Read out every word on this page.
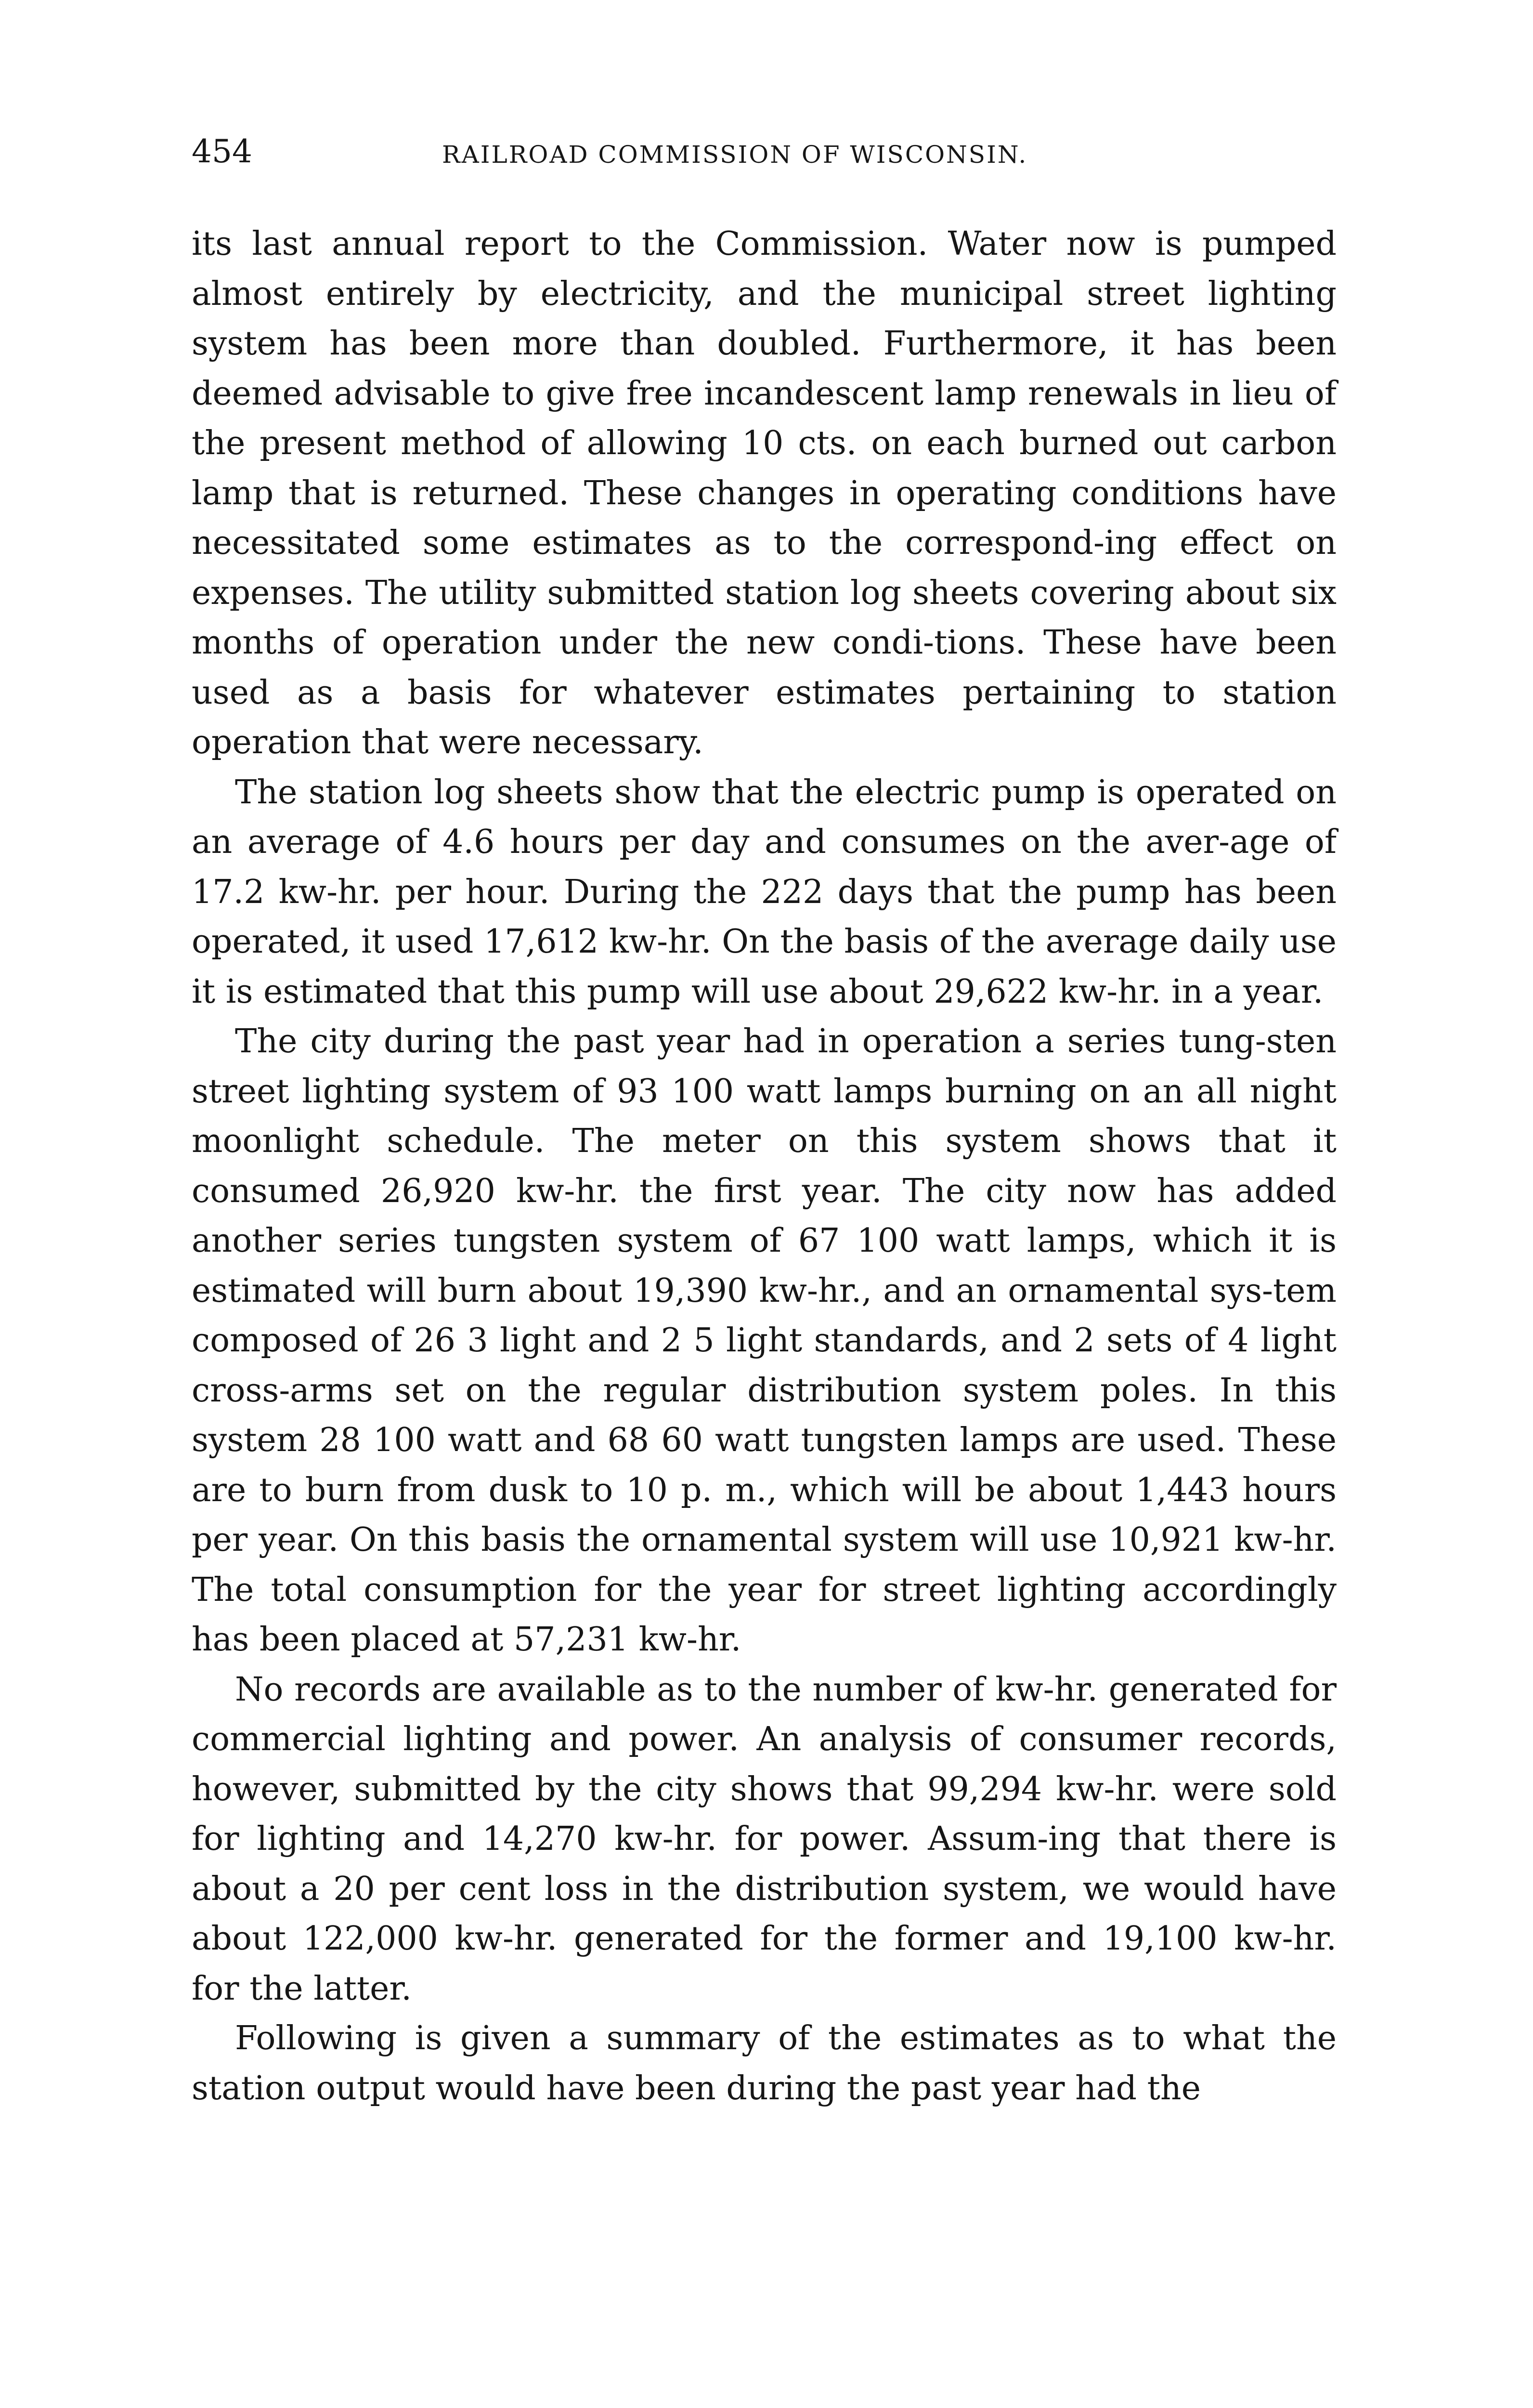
454	RAILROAD COMMISSION OF WISCONSIN.

its last annual report to the Commission. Water now is pumped almost entirely by electricity, and the municipal street lighting system has been more than doubled. Furthermore, it has been deemed advisable to give free incandescent lamp renewals in lieu of the present method of allowing 10 cts. on each burned out carbon lamp that is returned. These changes in operating conditions have necessitated some estimates as to the correspond-ing effect on expenses. The utility submitted station log sheets covering about six months of operation under the new condi-tions. These have been used as a basis for whatever estimates pertaining to station operation that were necessary.

The station log sheets show that the electric pump is operated on an average of 4.6 hours per day and consumes on the aver-age of 17.2 kw-hr. per hour. During the 222 days that the pump has been operated, it used 17,612 kw-hr. On the basis of the average daily use it is estimated that this pump will use about 29,622 kw-hr. in a year.

The city during the past year had in operation a series tung-sten street lighting system of 93 100 watt lamps burning on an all night moonlight schedule. The meter on this system shows that it consumed 26,920 kw-hr. the first year. The city now has added another series tungsten system of 67 100 watt lamps, which it is estimated will burn about 19,390 kw-hr., and an ornamental sys-tem composed of 26 3 light and 2 5 light standards, and 2 sets of 4 light cross-arms set on the regular distribution system poles. In this system 28 100 watt and 68 60 watt tungsten lamps are used. These are to burn from dusk to 10 p. m., which will be about 1,443 hours per year. On this basis the ornamental system will use 10,921 kw-hr. The total consumption for the year for street lighting accordingly has been placed at 57,231 kw-hr.

No records are available as to the number of kw-hr. generated for commercial lighting and power. An analysis of consumer records, however, submitted by the city shows that 99,294 kw-hr. were sold for lighting and 14,270 kw-hr. for power. Assum-ing that there is about a 20 per cent loss in the distribution system, we would have about 122,000 kw-hr. generated for the former and 19,100 kw-hr. for the latter.

Following is given a summary of the estimates as to what the station output would have been during the past year had the
